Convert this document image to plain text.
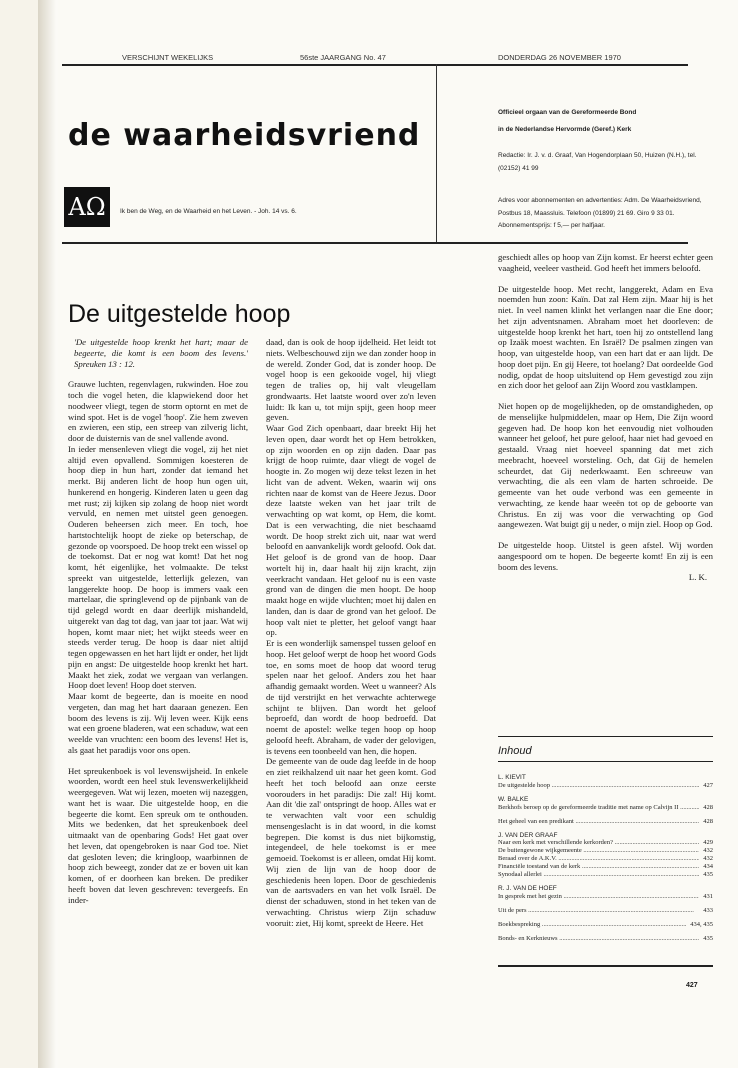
VERSCHIJNT WEKELIJKS	56ste JAARGANG No. 47	DONDERDAG 26 NOVEMBER 1970
de waarheidsvriend
AΩ	Ik ben de Weg, en de Waarheid en het Leven. - Joh. 14 vs. 6.
Officieel orgaan van de Gereformeerde Bond
in de Nederlandse Hervormde (Geref.) Kerk
Redactie: Ir. J. v. d. Graaf, Van Hogendorplaan 50, Huizen (N.H.), tel. (02152) 41 99
Adres voor abonnementen en advertenties: Adm. De Waarheidsvriend, Postbus 18, Maassluis. Telefoon (01899) 21 69. Giro 9 33 01. Abonnementsprijs: f 5,— per halfjaar.
De uitgestelde hoop

'De uitgestelde hoop krenkt het hart; maar de begeerte, die komt is een boom des levens.' Spreuken 13 : 12.

Grauwe luchten, regenvlagen, rukwinden. Hoe zou toch die vogel heten, die klapwiekend door het noodweer vliegt, tegen de storm optornt en met de wind spot. Het is de vogel 'hoop'. Zie hem zweven en zwieren, een stip, een streep van zilverig licht, door de duisternis van de snel vallende avond.

In ieder mensenleven vliegt die vogel, zij het niet altijd even opvallend. Sommigen koesteren de hoop diep in hun hart, zonder dat iemand het merkt. Bij anderen licht de hoop hun ogen uit, hunkerend en hongerig. Kinderen laten u geen dag met rust; zij kijken sip zolang de hoop niet wordt vervuld, en nemen met uitstel geen genoegen. Ouderen beheersen zich meer. En toch, hoe hartstochtelijk hoopt de zieke op beterschap, de gezonde op voorspoed. De hoop trekt een wissel op de toekomst. Dat er nog wat komt! Dat het nog komt, hét eigenlijke, het volmaakte. De tekst spreekt van uitgestelde, letterlijk gelezen, van langgerekte hoop. De hoop is immers vaak een martelaar, die springlevend op de pijnbank van de tijd gelegd wordt en daar deerlijk mishandeld, uitgerekt van dag tot dag, van jaar tot jaar. Wat wij hopen, komt maar niet; het wijkt steeds weer en steeds verder terug. De hoop is daar niet altijd tegen opgewassen en het hart lijdt er onder, het lijdt pijn en angst: De uitgestelde hoop krenkt het hart. Maakt het ziek, zodat we vergaan van verlangen. Hoop doet leven! Hoop doet sterven.

Maar komt de begeerte, dan is moeite en nood vergeten, dan mag het hart daaraan genezen. Een boom des levens is zij. Wij leven weer. Kijk eens wat een groene bladeren, wat een schaduw, wat een weelde van vruchten: een boom des levens! Het is, als gaat het paradijs voor ons open.

Het spreukenboek is vol levenswijsheid. In enkele woorden, wordt een heel stuk levenswerkelijkheid weergegeven. Wat wij lezen, moeten wij nazeggen, want het is waar. Die uitgestelde hoop, en die begeerte die komt. Een spreuk om te onthouden. Mits we bedenken, dat het spreukenboek deel uitmaakt van de openbaring Gods! Het gaat over het leven, dat opengebroken is naar God toe. Niet dat gesloten leven; die kringloop, waarbinnen de hoop zich beweegt, zonder dat ze er boven uit kan komen, of er doorheen kan breken. De prediker heeft boven dat leven geschreven: tevergeefs. En inder-

daad, dan is ook de hoop ijdelheid. Het leidt tot niets. Welbeschouwd zijn we dan zonder hoop in de wereld. Zonder God, dat is zonder hoop. De vogel hoop is een gekooide vogel, hij vliegt tegen de tralies op, hij valt vleugellam grondwaarts. Het laatste woord over zo'n leven luidt: Ik kan u, tot mijn spijt, geen hoop meer geven.

Waar God Zich openbaart, daar breekt Hij het leven open, daar wordt het op Hem betrokken, op zijn woorden en op zijn daden. Daar pas krijgt de hoop ruimte, daar vliegt de vogel de hoogte in. Zo mogen wij deze tekst lezen in het licht van de advent. Weken, waarin wij ons richten naar de komst van de Heere Jezus. Door deze laatste weken van het jaar trilt de verwachting op wat komt, op Hem, die komt. Dat is een verwachting, die niet beschaamd wordt. De hoop strekt zich uit, naar wat werd beloofd en aanvankelijk wordt geloofd. Ook dat. Het geloof is de grond van de hoop. Daar wortelt hij in, daar haalt hij zijn kracht, zijn veerkracht vandaan. Het geloof nu is een vaste grond van de dingen die men hoopt. De hoop maakt hoge en wijde vluchten; moet hij dalen en landen, dan is daar de grond van het geloof. De hoop valt niet te pletter, het geloof vangt haar op.

Er is een wonderlijk samenspel tussen geloof en hoop. Het geloof werpt de hoop het woord Gods toe, en soms moet de hoop dat woord terug spelen naar het geloof. Anders zou het haar afhandig gemaakt worden. Weet u wanneer? Als de tijd verstrijkt en het verwachte achterwege schijnt te blijven. Dan wordt het geloof beproefd, dan wordt de hoop bedroefd. Dat noemt de apostel: welke tegen hoop op hoop geloofd heeft. Abraham, de vader der gelovigen, is tevens een toonbeeld van hen, die hopen.

De gemeente van de oude dag leefde in de hoop en ziet reikhalzend uit naar het geen komt. God heeft het toch beloofd aan onze eerste voorouders in het paradijs: Die zal! Hij komt. Aan dit 'die zal' ontspringt de hoop. Alles wat er te verwachten valt voor een schuldig mensengeslacht is in dat woord, in die komst begrepen. Die komst is dus niet bijkomstig, integendeel, de hele toekomst is er mee gemoeid. Toekomst is er alleen, omdat Hij komt. Wij zien de lijn van de hoop door de geschiedenis heen lopen. Door de geschiedenis van de aartsvaders en van het volk Israël. De dienst der schaduwen, stond in het teken van de verwachting. Christus wierp Zijn schaduw vooruit: ziet, Hij komt, spreekt de Heere. Het

geschiedt alles op hoop van Zijn komst. Er heerst echter geen vaagheid, veeleer vastheid. God heeft het immers beloofd.

De uitgestelde hoop. Met recht, langgerekt, Adam en Eva noemden hun zoon: Kaïn. Dat zal Hem zijn. Maar hij is het niet. In veel namen klinkt het verlangen naar die Ene door; het zijn adventsnamen. Abraham moet het doorleven: de uitgestelde hoop krenkt het hart, toen hij zo ontstellend lang op Izaäk moest wachten. En Israël? De psalmen zingen van hoop, van uitgestelde hoop, van een hart dat er aan lijdt. De hoop doet pijn. En gij Heere, tot hoelang? Dat oordeelde God nodig, opdat de hoop uitsluitend op Hem gevestigd zou zijn en zich door het geloof aan Zijn Woord zou vastklampen.

Niet hopen op de mogelijkheden, op de omstandigheden, op de menselijke hulpmiddelen, maar op Hem, Die Zijn woord gegeven had. De hoop kon het eenvoudig niet volhouden wanneer het geloof, het pure geloof, haar niet had gevoed en gestaald. Vraag niet hoeveel spanning dat met zich meebracht, hoeveel worsteling. Och, dat Gij de hemelen scheurdet, dat Gij nederkwaamt. Een schreeuw van verwachting, die als een vlam de harten schroeide. De gemeente van het oude verbond was een gemeente in verwachting, ze kende haar weeën tot op de geboorte van Christus. En zij was voor die verwachting op God aangewezen. Wat buigt gij u neder, o mijn ziel. Hoop op God.

De uitgestelde hoop. Uitstel is geen afstel. Wij worden aangespoord om te hopen. De begeerte komt! En zij is een boom des levens.

L. K.

Inhoud
L. KIEVIT
De uitgestelde hoop .....	427
W. BALKE
Berkhofs beroep op de gereformeerde traditie met name op Calvijn II .....	428
Het geheel van een predikant .....	428
J. VAN DER GRAAF
Naar een kerk met verschillende kerkorden? .....	429
De buitengewone wijkgemeente .....	432
Beraad over de A.K.V. .....	432
Financiële toestand van de kerk .....	434
Synodaal allerlei .....	435
R. J. VAN DE HOEF
In gesprek met het gezin .....	431
Uit de pers .....	433
Boekbespreking .....	434, 435
Bonds- en Kerknieuws .....	435
427
